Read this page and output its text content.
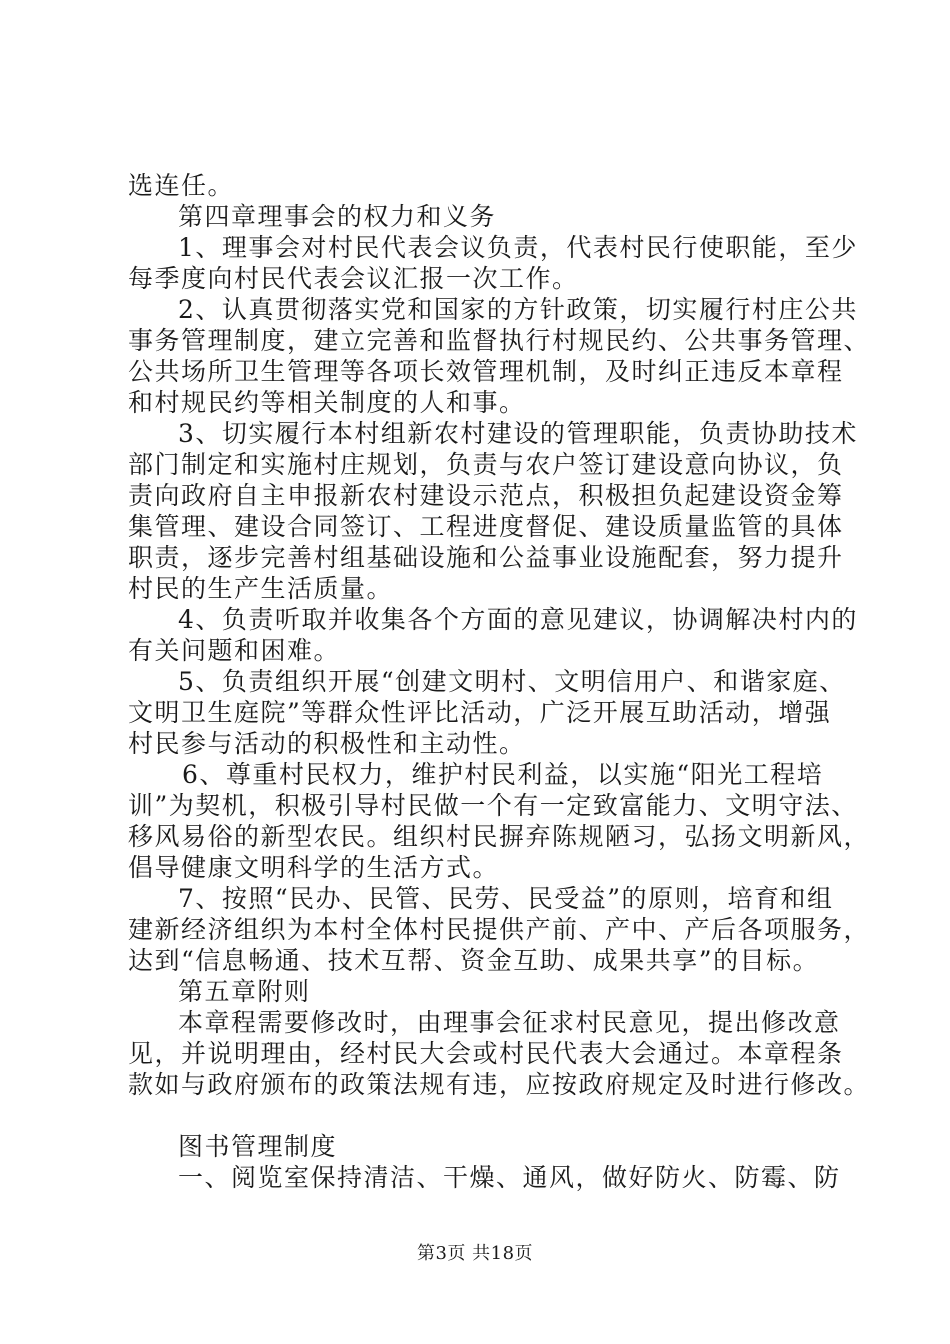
选连任。
第四章理事会的权力和义务
1、理事会对村民代表会议负责，代表村民行使职能，至少
每季度向村民代表会议汇报一次工作。
2、认真贯彻落实党和国家的方针政策，切实履行村庄公共
事务管理制度，建立完善和监督执行村规民约、公共事务管理、
公共场所卫生管理等各项长效管理机制，及时纠正违反本章程
和村规民约等相关制度的人和事。
3、切实履行本村组新农村建设的管理职能，负责协助技术
部门制定和实施村庄规划，负责与农户签订建设意向协议，负
责向政府自主申报新农村建设示范点，积极担负起建设资金筹
集管理、建设合同签订、工程进度督促、建设质量监管的具体
职责，逐步完善村组基础设施和公益事业设施配套，努力提升
村民的生产生活质量。
4、负责听取并收集各个方面的意见建议，协调解决村内的
有关问题和困难。
5、负责组织开展“创建文明村、文明信用户、和谐家庭、
文明卫生庭院”等群众性评比活动，广泛开展互助活动，增强
村民参与活动的积极性和主动性。
6、尊重村民权力，维护村民利益，以实施“阳光工程培
训”为契机，积极引导村民做一个有一定致富能力、文明守法、
移风易俗的新型农民。组织村民摒弃陈规陋习，弘扬文明新风，
倡导健康文明科学的生活方式。
7、按照“民办、民管、民劳、民受益”的原则，培育和组
建新经济组织为本村全体村民提供产前、产中、产后各项服务，
达到“信息畅通、技术互帮、资金互助、成果共享”的目标。
第五章附则
本章程需要修改时，由理事会征求村民意见，提出修改意
见，并说明理由，经村民大会或村民代表大会通过。本章程条
款如与政府颁布的政策法规有违，应按政府规定及时进行修改。
图书管理制度
一、阅览室保持清洁、干燥、通风，做好防火、防霉、防
第3页 共18页
